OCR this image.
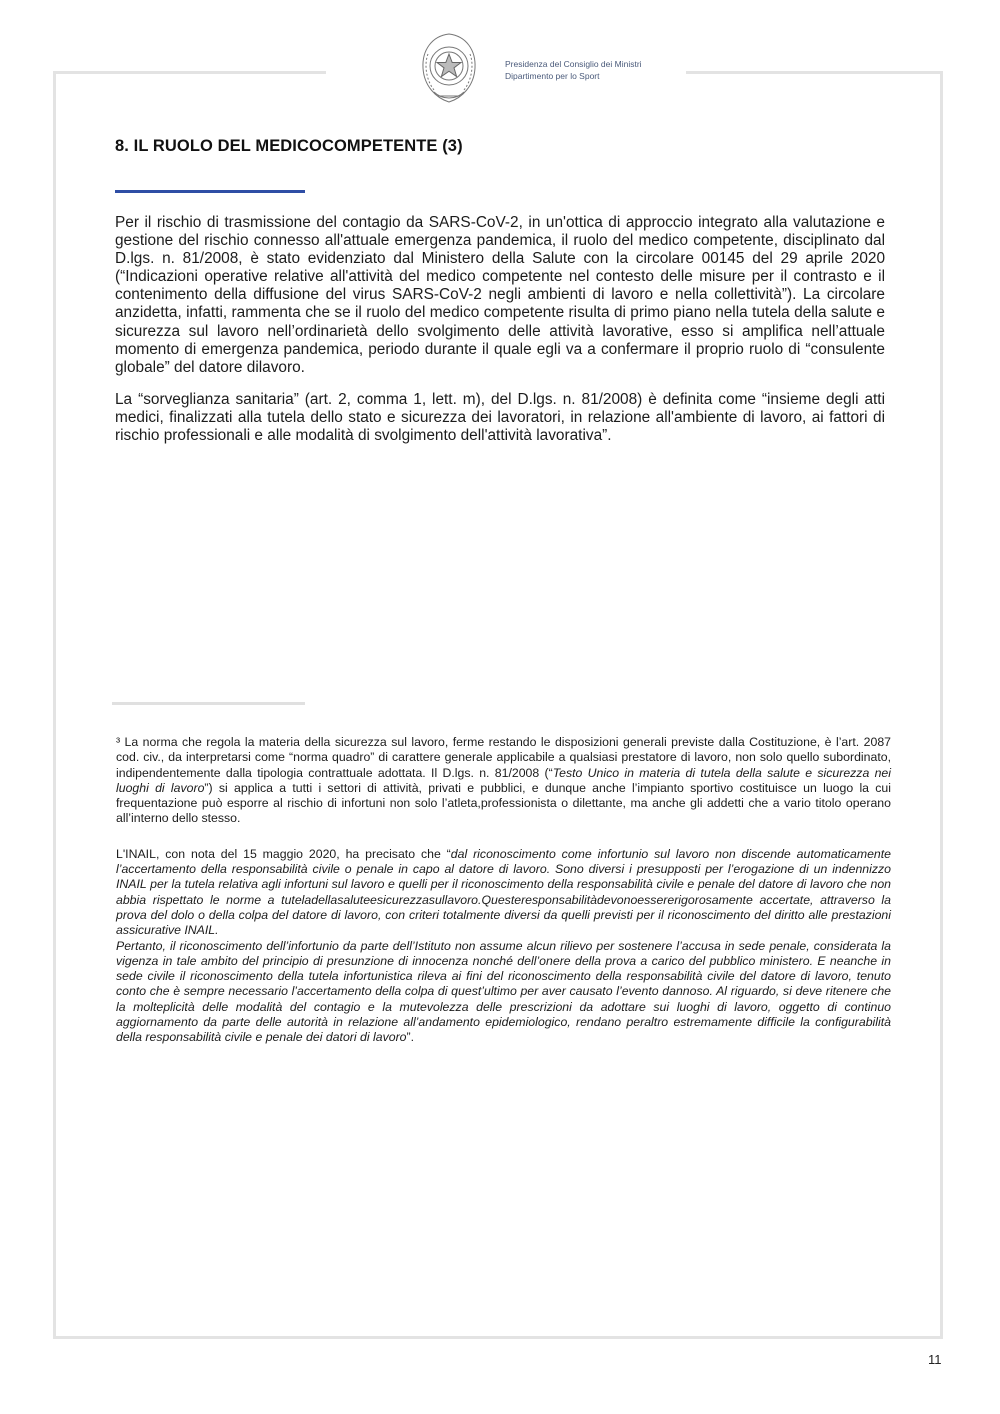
Presidenza del Consiglio dei Ministri
Dipartimento per lo Sport
8. IL RUOLO DEL MEDICOCOMPETENTE (3)

Per il rischio di trasmissione del contagio da SARS-CoV-2, in un'ottica di approccio integrato alla valutazione e gestione del rischio connesso all'attuale emergenza pandemica, il ruolo del medico competente, disciplinato dal D.lgs. n. 81/2008, è stato evidenziato dal Ministero della Salute con la circolare 00145 del 29 aprile 2020 (“Indicazioni operative relative all'attività del medico competente nel contesto delle misure per il contrasto e il contenimento della diffusione del virus SARS-CoV-2 negli ambienti di lavoro e nella collettività”). La circolare anzidetta, infatti, rammenta che se il ruolo del medico competente risulta di primo piano nella tutela della salute e sicurezza sul lavoro nell’ordinarietà dello svolgimento delle attività lavorative, esso si amplifica nell’attuale momento di emergenza pandemica, periodo durante il quale egli va a confermare il proprio ruolo di “consulente globale” del datore dilavoro.

La “sorveglianza sanitaria” (art. 2, comma 1, lett. m), del D.lgs. n. 81/2008) è definita come “insieme degli atti medici, finalizzati alla tutela dello stato e sicurezza dei lavoratori, in relazione all'ambiente di lavoro, ai fattori di rischio professionali e alle modalità di svolgimento dell'attività lavorativa”.

³ La norma che regola la materia della sicurezza sul lavoro, ferme restando le disposizioni generali previste dalla Costituzione, è l’art. 2087 cod. civ., da interpretarsi come “norma quadro” di carattere generale applicabile a qualsiasi prestatore di lavoro, non solo quello subordinato, indipendentemente dalla tipologia contrattuale adottata. Il D.lgs. n. 81/2008 (“Testo Unico in materia di tutela della salute e sicurezza nei luoghi di lavoro”) si applica a tutti i settori di attività, privati e pubblici, e dunque anche l’impianto sportivo costituisce un luogo la cui frequentazione può esporre al rischio di infortuni non solo l’atleta,professionista o dilettante, ma anche gli addetti che a vario titolo operano all’interno dello stesso.

L'INAIL, con nota del 15 maggio 2020, ha precisato che “dal riconoscimento come infortunio sul lavoro non discende automaticamente l’accertamento della responsabilità civile o penale in capo al datore di lavoro. Sono diversi i presupposti per l’erogazione di un indennizzo INAIL per la tutela relativa agli infortuni sul lavoro e quelli per il riconoscimento della responsabilità civile e penale del datore di lavoro che non abbia rispettato le norme a tuteladellasaluteesicurezzasullavoro.Questeresponsabilitàdevonoessererigorosamente accertate, attraverso la prova del dolo o della colpa del datore di lavoro, con criteri totalmente diversi da quelli previsti per il riconoscimento del diritto alle prestazioni assicurative INAIL.

Pertanto, il riconoscimento dell’infortunio da parte dell’Istituto non assume alcun rilievo per sostenere l’accusa in sede penale, considerata la vigenza in tale ambito del principio di presunzione di innocenza nonché dell’onere della prova a carico del pubblico ministero. E neanche in sede civile il riconoscimento della tutela infortunistica rileva ai fini del riconoscimento della responsabilità civile del datore di lavoro, tenuto conto che è sempre necessario l’accertamento della colpa di quest’ultimo per aver causato l’evento dannoso. Al riguardo, si deve ritenere che la molteplicità delle modalità del contagio e la mutevolezza delle prescrizioni da adottare sui luoghi di lavoro, oggetto di continuo aggiornamento da parte delle autorità in relazione all’andamento epidemiologico, rendano peraltro estremamente difficile la configurabilità della responsabilità civile e penale dei datori di lavoro”.

11
